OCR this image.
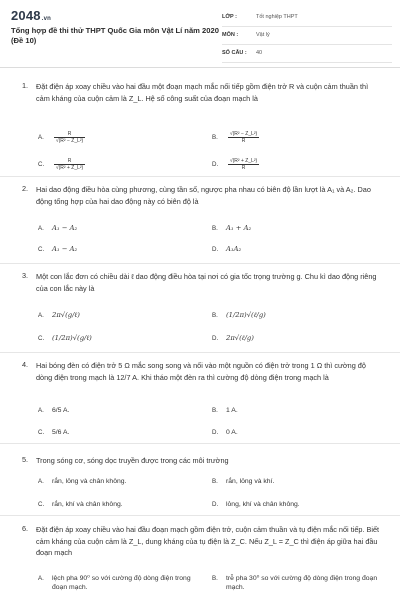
2048.vn
Tổng hợp đề thi thử THPT Quốc Gia môn Vật Lí năm 2020 (Đề 10)
LỚP :	Tốt nghiệp THPT
MÔN :	Vật lý
SỐ CÂU : 40
1. Đặt điện áp xoay chiều vào hai đầu một đoạn mạch mắc nối tiếp gồm điện trở R và cuộn cảm thuần thì cảm kháng của cuộn cảm là Z_L. Hệ số công suất của đoạn mạch là
A. $\frac{R}{\text{√(R² − Z\_L²)}}$	B. $\frac{\text{√(R² − Z\_L²)}}{R}$
C. $\frac{R}{\text{√(R² + Z\_L²)}}$	D. $\frac{\text{√(R² + Z\_L²)}}{R}$
2. Hai dao động điều hòa cùng phương, cùng tần số, ngược pha nhau có biên độ lần lượt là A₁ và A₂. Dao động tổng hợp của hai dao động này có biên độ là
A. A₁ − A₂	B. A₁ + A₂
C. A₁ − A₂	D. A₁A₂
3. Một con lắc đơn có chiều dài ℓ dao động điều hòa tại nơi có gia tốc trọng trường g. Chu kì dao động riêng của con lắc này là
A. 2π√(g/ℓ)	B. (1/2π)√(ℓ/g)
C. (1/2π)√(g/ℓ)	D. 2π√(ℓ/g)
4. Hai bóng đèn có điện trở 5 Ω mắc song song và nối vào một nguồn có điện trở trong 1 Ω thì cường độ dòng điện trong mạch là 12/7 A. Khi tháo một đèn ra thì cường độ dòng điện trong mạch là
A. 6/5 A.	B. 1 A.
C. 5/6 A.	D. 0 A.
5. Trong sóng cơ, sóng dọc truyền được trong các môi trường
A. rắn, lỏng và chân không.	B. rắn, lỏng và khí.
C. rắn, khí và chân không.	D. lỏng, khí và chân không.
6. Đặt điện áp xoay chiều vào hai đầu đoạn mạch gồm điện trở, cuộn cảm thuần và tụ điện mắc nối tiếp. Biết cảm kháng của cuộn cảm là Z_L, dung kháng của tụ điện là Z_C. Nếu Z_L = Z_C thì điện áp giữa hai đầu đoạn mạch
A. lệch pha 90⁰ so với cường độ dòng điện trong đoạn mạch.
B. trễ pha 30⁰ so với cường độ dòng điện trong đoạn mạch.
